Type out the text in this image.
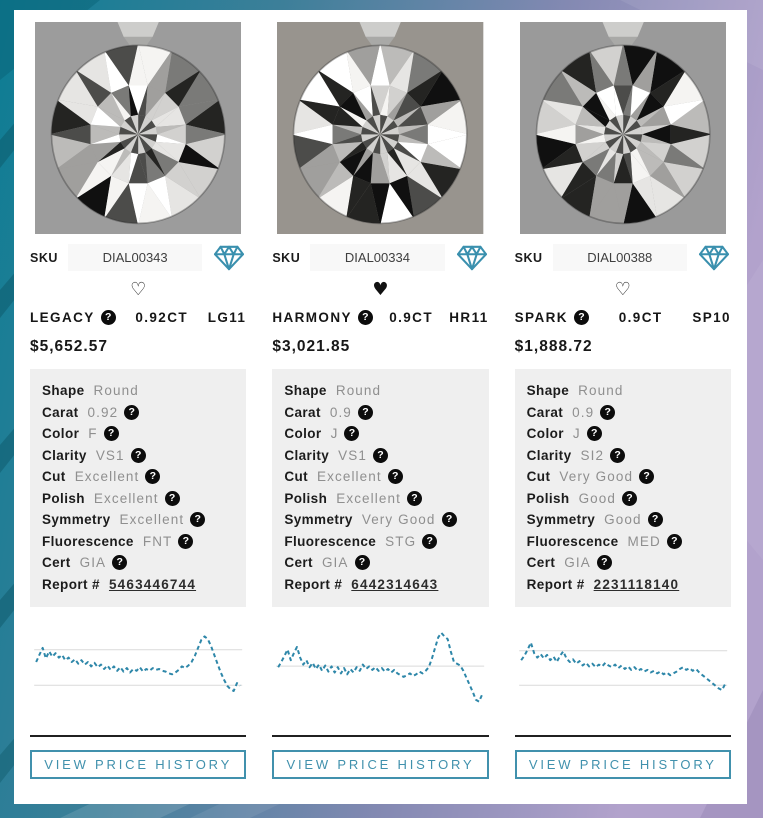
SKU	DIAL00343
♡
LEGACY ?	0.92CT LG11
$5,652.57
Shape Round
Carat 0.92 ?
Color F ?
Clarity VS1 ?
Cut Excellent ?
Polish Excellent ?
Symmetry Excellent ?
Fluorescence FNT ?
Cert GIA ?
Report # 5463446744
VIEW PRICE HISTORY
SKU	DIAL00334
♥
HARMONY ?	0.9CT HR11
$3,021.85
Shape Round
Carat 0.9 ?
Color J ?
Clarity VS1 ?
Cut Excellent ?
Polish Excellent ?
Symmetry Very Good ?
Fluorescence STG ?
Cert GIA ?
Report # 6442314643
VIEW PRICE HISTORY
SKU	DIAL00388
♡
SPARK ?	0.9CT SP10
$1,888.72
Shape Round
Carat 0.9 ?
Color J ?
Clarity SI2 ?
Cut Very Good ?
Polish Good ?
Symmetry Good ?
Fluorescence MED ?
Cert GIA ?
Report # 2231118140
VIEW PRICE HISTORY
